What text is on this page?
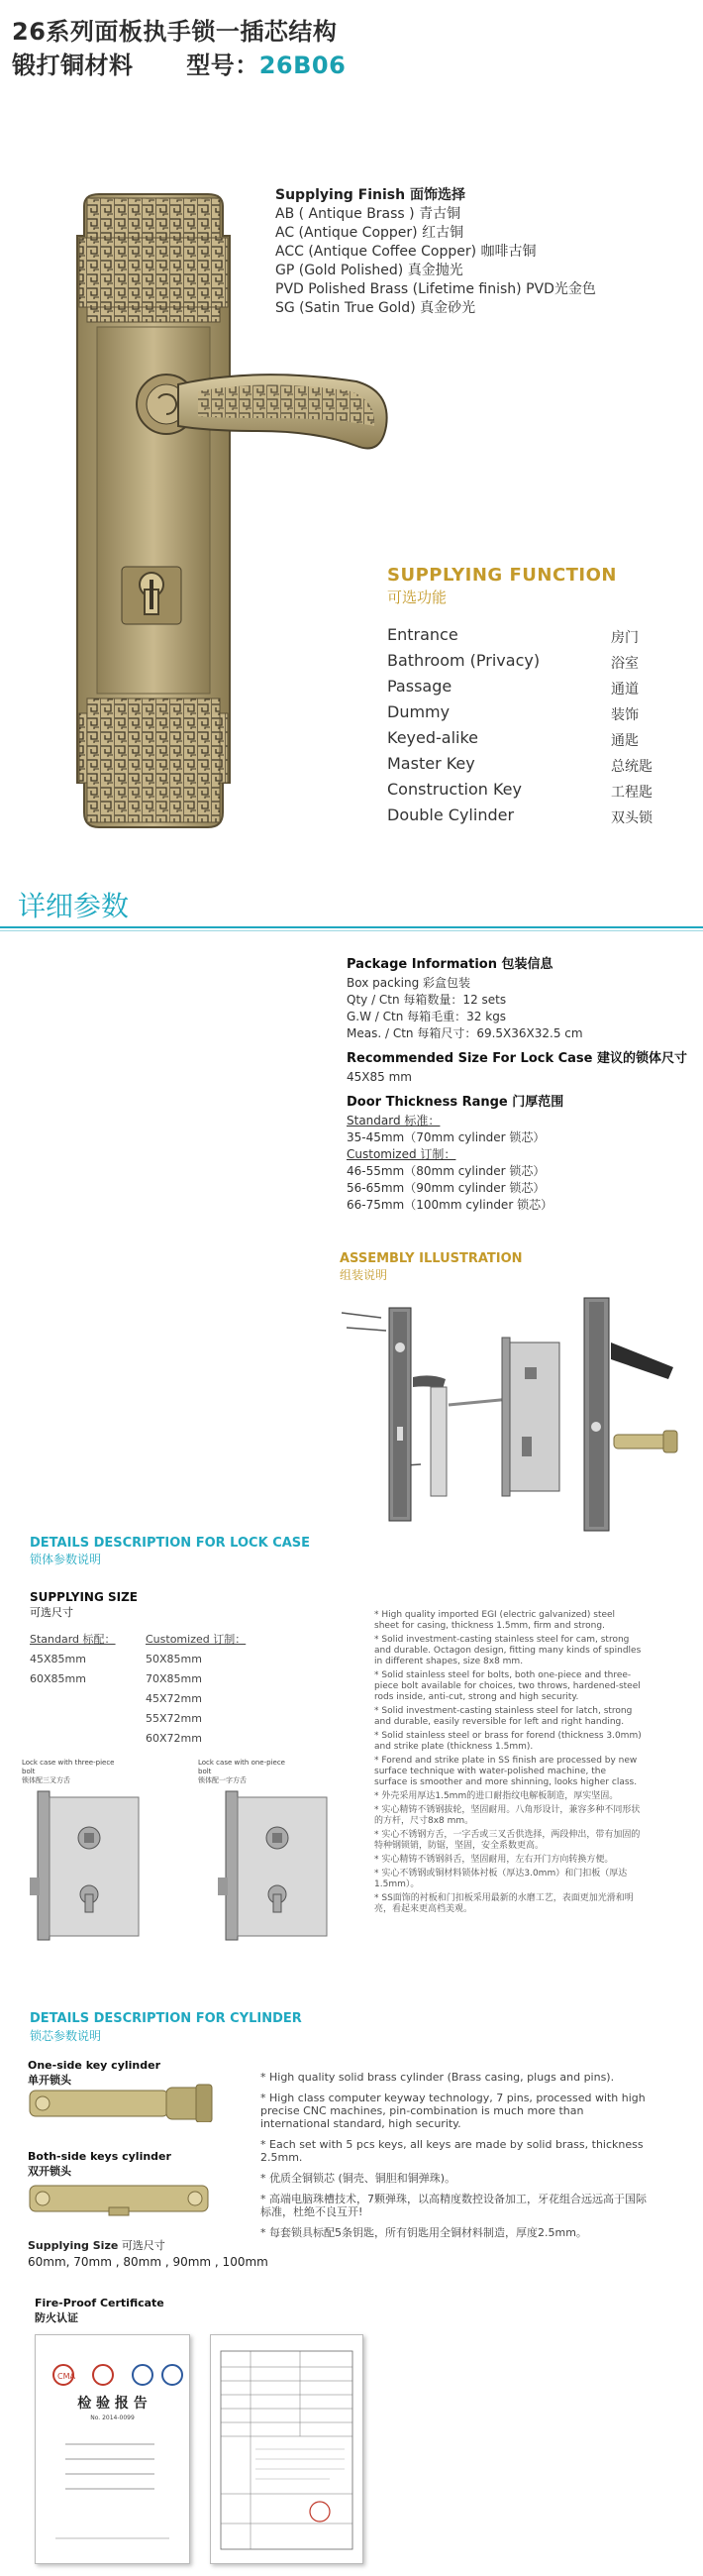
26系列面板执手锁一插芯结构
锻打铜材料 型号：26B06
Supplying Finish 面饰选择
AB ( Antique Brass ) 青古铜
AC (Antique Copper) 红古铜
ACC (Antique Coffee Copper) 咖啡古铜
GP (Gold Polished) 真金抛光
PVD Polished Brass (Lifetime finish) PVD光金色
SG (Satin True Gold) 真金砂光
SUPPLYING FUNCTION
可选功能
Entrance	房门
Bathroom (Privacy)	浴室
Passage	通道
Dummy	装饰
Keyed-alike	通匙
Master Key	总统匙
Construction Key	工程匙
Double Cylinder	双头锁
详细参数
Package Information 包装信息
Box packing 彩盒包装
Qty / Ctn 每箱数量：12 sets
G.W / Ctn 每箱毛重：32 kgs
Meas. / Ctn 每箱尺寸：69.5X36X32.5 cm
Recommended Size For Lock Case 建议的锁体尺寸
45X85 mm
Door Thickness Range 门厚范围
Standard 标准：
35-45mm（70mm cylinder 锁芯）
Customized 订制：
46-55mm（80mm cylinder 锁芯）
56-65mm（90mm cylinder 锁芯）
66-75mm（100mm cylinder 锁芯）
ASSEMBLY ILLUSTRATION
组装说明
DETAILS DESCRIPTION FOR LOCK CASE
锁体参数说明
SUPPLYING SIZE
可选尺寸
Standard 标配：
45X85mm
60X85mm
Customized 订制：
50X85mm
70X85mm
45X72mm
55X72mm
60X72mm
Lock case with three-piece bolt
锁体配三叉方舌
Lock case with one-piece bolt
锁体配一字方舌
* High quality imported EGI (electric galvanized) steel sheet for casing, thickness 1.5mm, firm and strong.
* Solid investment-casting stainless steel for cam, strong and durable. Octagon design, fitting many kinds of spindles in different shapes, size 8x8 mm.
* Solid stainless steel for bolts, both one-piece and three-piece bolt available for choices, two throws, hardened-steel rods inside, anti-cut, strong and high security.
* Solid investment-casting stainless steel for latch, strong and durable, easily reversible for left and right handing.
* Solid stainless steel or brass for forend (thickness 3.0mm) and strike plate (thickness 1.5mm).
* Forend and strike plate in SS finish are processed by new surface technique with water-polished machine, the surface is smoother and more shinning, looks higher class.
* 外壳采用厚达1.5mm的进口耐指纹电解板制造，厚实坚固。
* 实心精铸不锈钢拔轮，坚固耐用。八角形设计，兼容多种不同形状的方杆，尺寸8x8 mm。
* 实心不锈钢方舌，一字舌或三叉舌供选择，两段伸出，带有加固的特种钢锁销，防锯，坚固，安全系数更高。
* 实心精铸不锈钢斜舌，坚固耐用，左右开门方向转换方便。
* 实心不锈钢或铜材料锁体衬板（厚达3.0mm）和门扣板（厚达1.5mm）。
* SS面饰的衬板和门扣板采用最新的水磨工艺，表面更加光滑和明亮，看起来更高档美观。
DETAILS DESCRIPTION FOR CYLINDER
锁芯参数说明
One-side key cylinder
单开锁头
Both-side keys cylinder
双开锁头
Supplying Size 可选尺寸
60mm, 70mm , 80mm , 90mm , 100mm
* High quality solid brass cylinder (Brass casing, plugs and pins).
* High class computer keyway technology, 7 pins, processed with high precise CNC machines, pin-combination is much more than international standard, high security.
* Each set with 5 pcs keys, all keys are made by solid brass, thickness 2.5mm.
* 优质全铜锁芯 (铜壳、铜胆和铜弹珠)。
* 高端电脑珠槽技术，7颗弹珠，以高精度数控设备加工，牙花组合远远高于国际标准，杜绝不良互开!
* 每套锁具标配5条钥匙，所有钥匙用全铜材料制造，厚度2.5mm。
Fire-Proof Certificate
防火认证
CMA
检 验 报 告
No. 2014-0099
